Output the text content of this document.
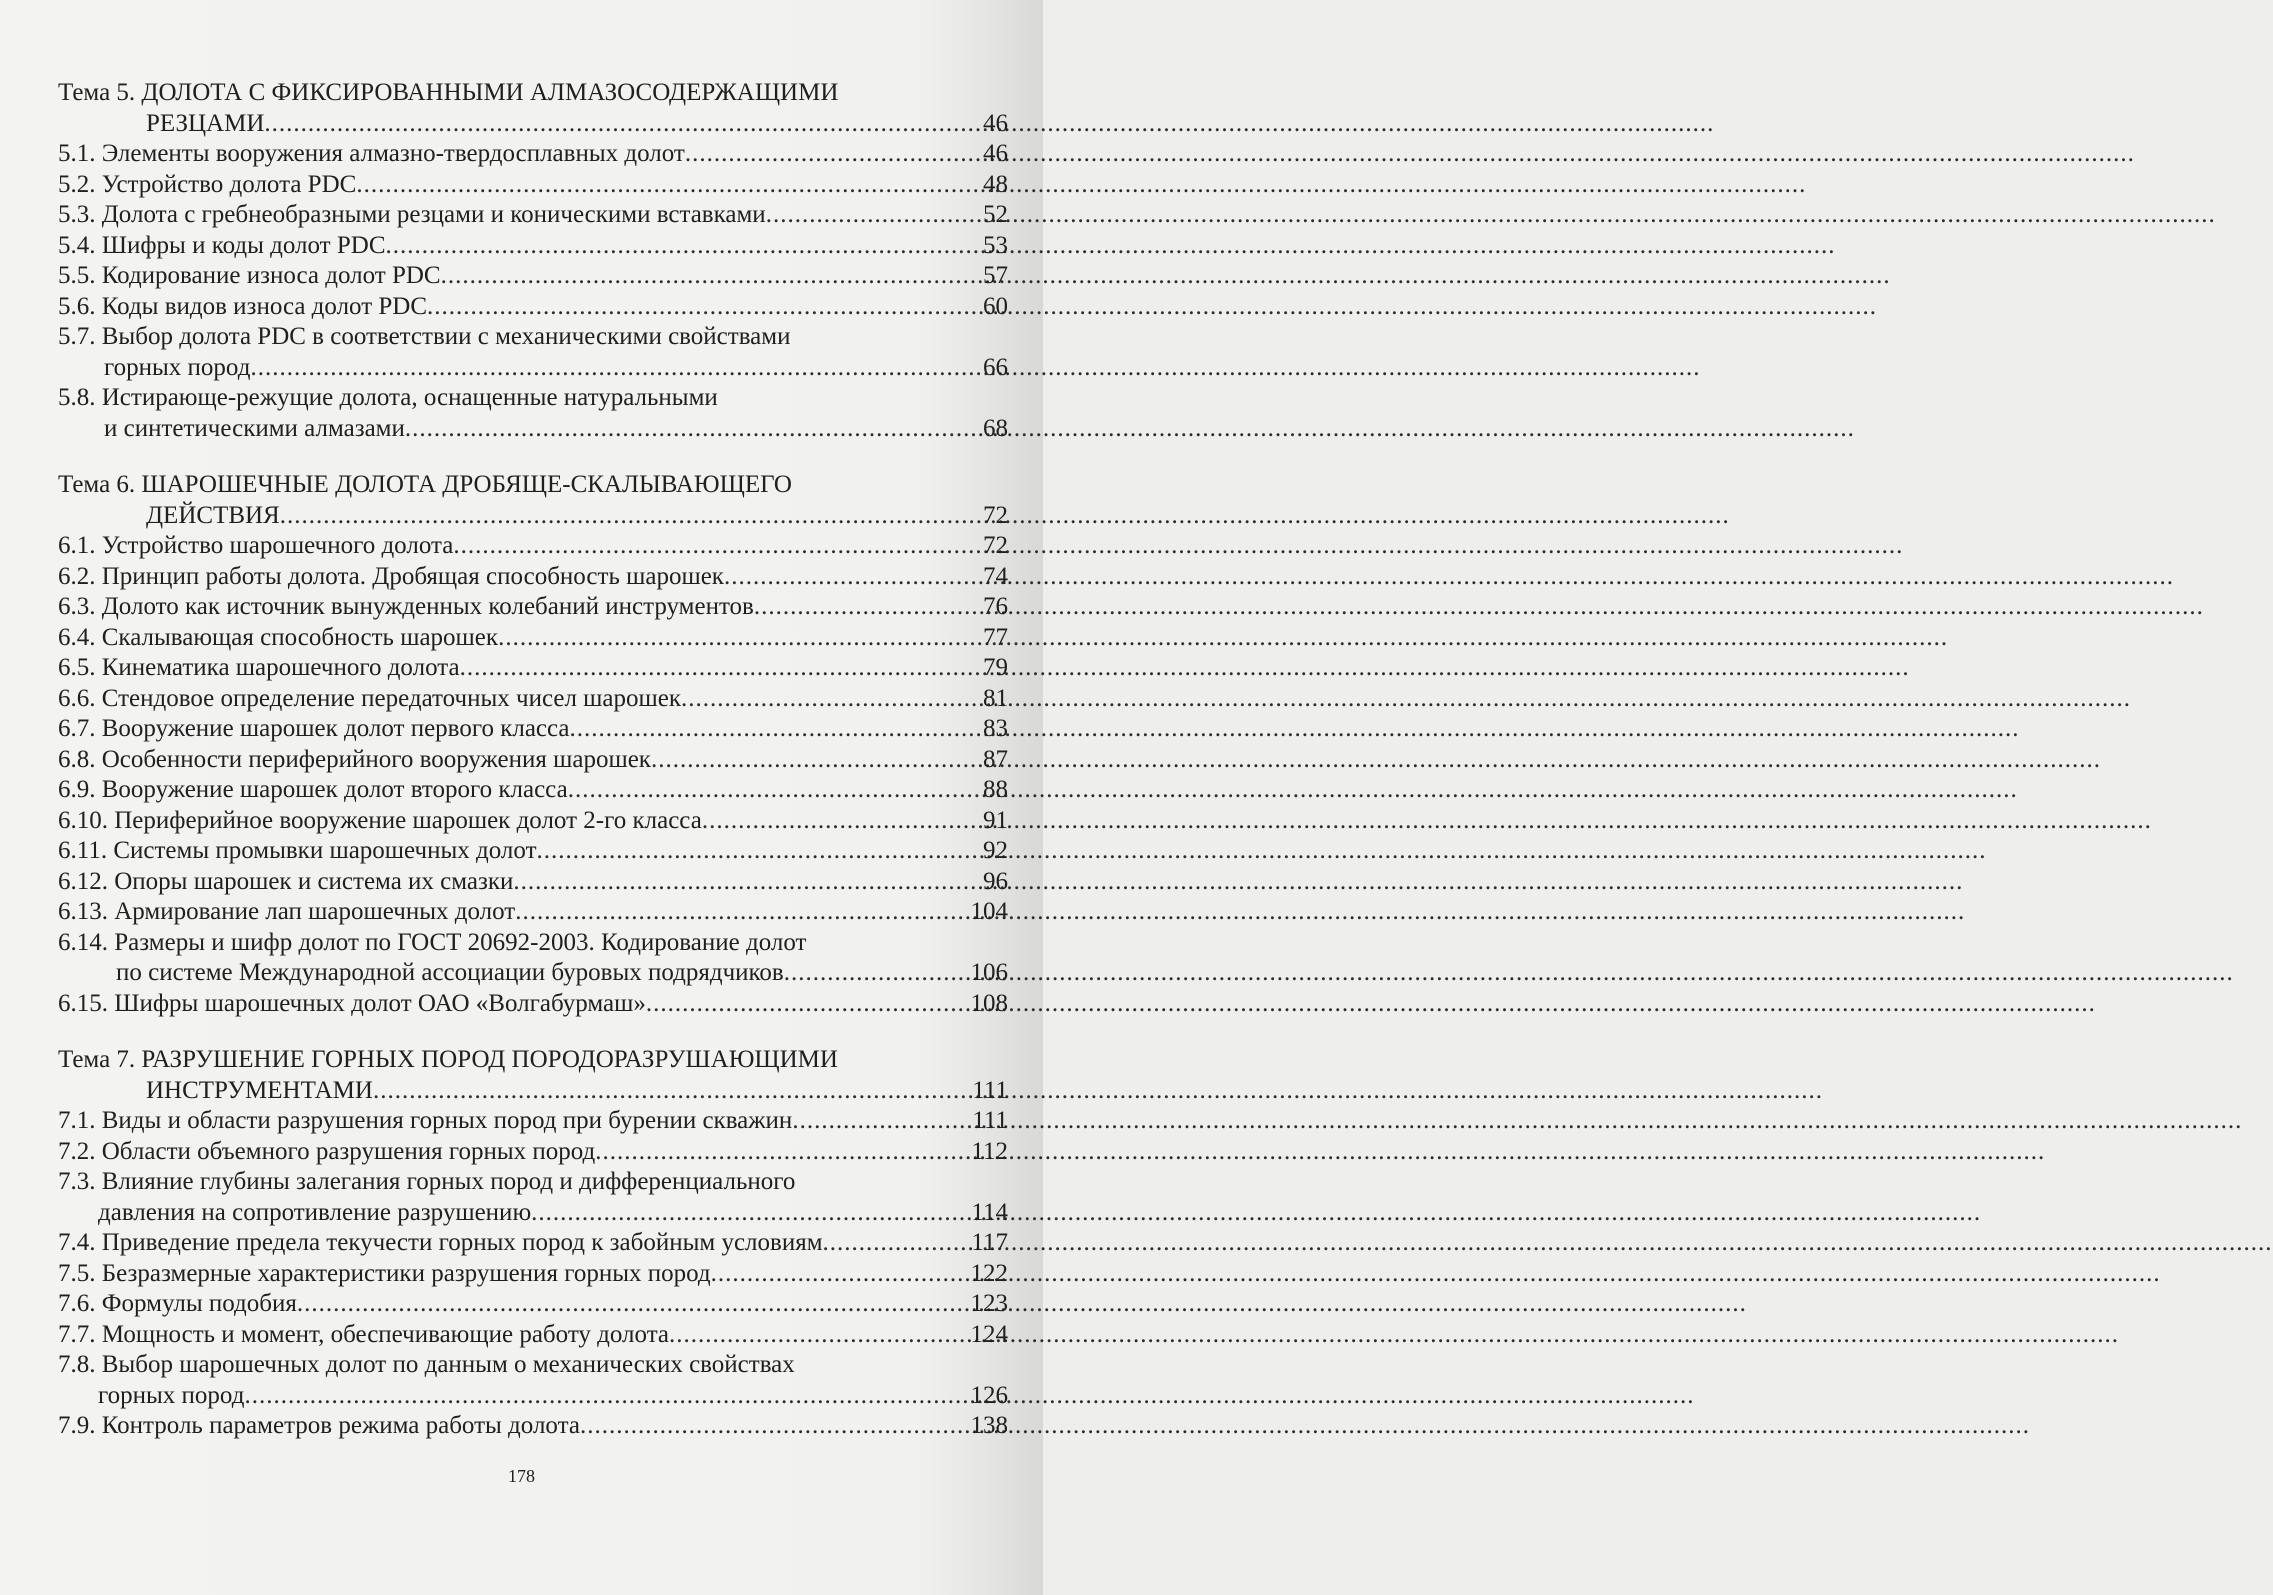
Тема 5. ДОЛОТА С ФИКСИРОВАННЫМИ АЛМАЗОСОДЕРЖАЩИМИ
РЕЗЦАМИ .....	46
5.1. Элементы вооружения алмазно-твердосплавных долот .....	46
5.2. Устройство долота PDC .....	48
5.3. Долота с гребнеобразными резцами и коническими вставками .....	52
5.4. Шифры и коды долот PDC .....	53
5.5. Кодирование износа долот PDC .....	57
5.6. Коды видов износа долот PDC .....	60
5.7. Выбор долота PDC в соответствии с механическими свойствами
горных пород .....	66
5.8. Истирающе-режущие долота, оснащенные натуральными
и синтетическими алмазами .....	68
Тема 6. ШАРОШЕЧНЫЕ ДОЛОТА ДРОБЯЩЕ-СКАЛЫВАЮЩЕГО
ДЕЙСТВИЯ .....	72
6.1. Устройство шарошечного долота .....	72
6.2. Принцип работы долота. Дробящая способность шарошек .....	74
6.3. Долото как источник вынужденных колебаний инструментов .....	76
6.4. Скалывающая способность шарошек .....	77
6.5. Кинематика шарошечного долота .....	79
6.6. Стендовое определение передаточных чисел шарошек .....	81
6.7. Вооружение шарошек долот первого класса .....	83
6.8. Особенности периферийного вооружения шарошек .....	87
6.9. Вооружение шарошек долот второго класса .....	88
6.10. Периферийное вооружение шарошек долот 2-го класса .....	91
6.11. Системы промывки шарошечных долот .....	92
6.12. Опоры шарошек и система их смазки .....	96
6.13. Армирование лап шарошечных долот .....	104
6.14. Размеры и шифр долот по ГОСТ 20692-2003. Кодирование долот
по системе Международной ассоциации буровых подрядчиков .....	106
6.15. Шифры шарошечных долот ОАО «Волгабурмаш» .....	108
Тема 7. РАЗРУШЕНИЕ ГОРНЫХ ПОРОД ПОРОДОРАЗРУШАЮЩИМИ
ИНСТРУМЕНТАМИ .....	111
7.1. Виды и области разрушения горных пород при бурении скважин .....	111
7.2. Области объемного разрушения горных пород .....	112
7.3. Влияние глубины залегания горных пород и дифференциального
давления на сопротивление разрушению .....	114
7.4. Приведение предела текучести горных пород к забойным условиям .....	117
7.5. Безразмерные характеристики разрушения горных пород .....	122
7.6. Формулы подобия .....	123
7.7. Мощность и момент, обеспечивающие работу долота .....	124
7.8. Выбор шарошечных долот по данным о механических свойствах
горных пород .....	126
7.9. Контроль параметров режима работы долота .....	138
178
